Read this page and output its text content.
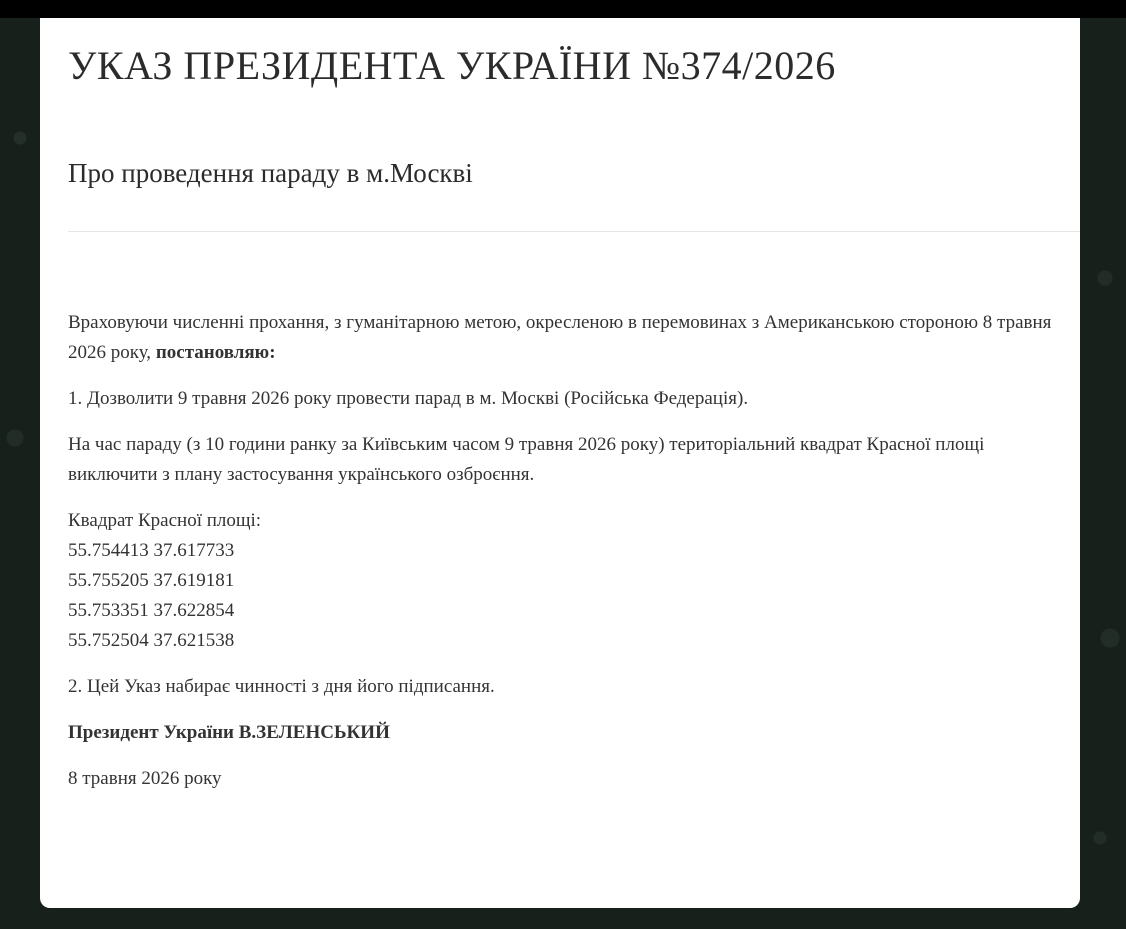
УКАЗ ПРЕЗИДЕНТА УКРАЇНИ №374/2026
Про проведення параду в м.Москві

Враховуючи численні прохання, з гуманітарною метою, окресленою в перемовинах з Американською стороною 8 травня 2026 року, постановляю:

1. Дозволити 9 травня 2026 року провести парад в м. Москві (Російська Федерація).

На час параду (з 10 години ранку за Київським часом 9 травня 2026 року) територіальний квадрат Красної площі виключити з плану застосування українського озброєння.

Квадрат Красної площі:
55.754413 37.617733
55.755205 37.619181
55.753351 37.622854
55.752504 37.621538

2. Цей Указ набирає чинності з дня його підписання.

Президент України В.ЗЕЛЕНСЬКИЙ

8 травня 2026 року
